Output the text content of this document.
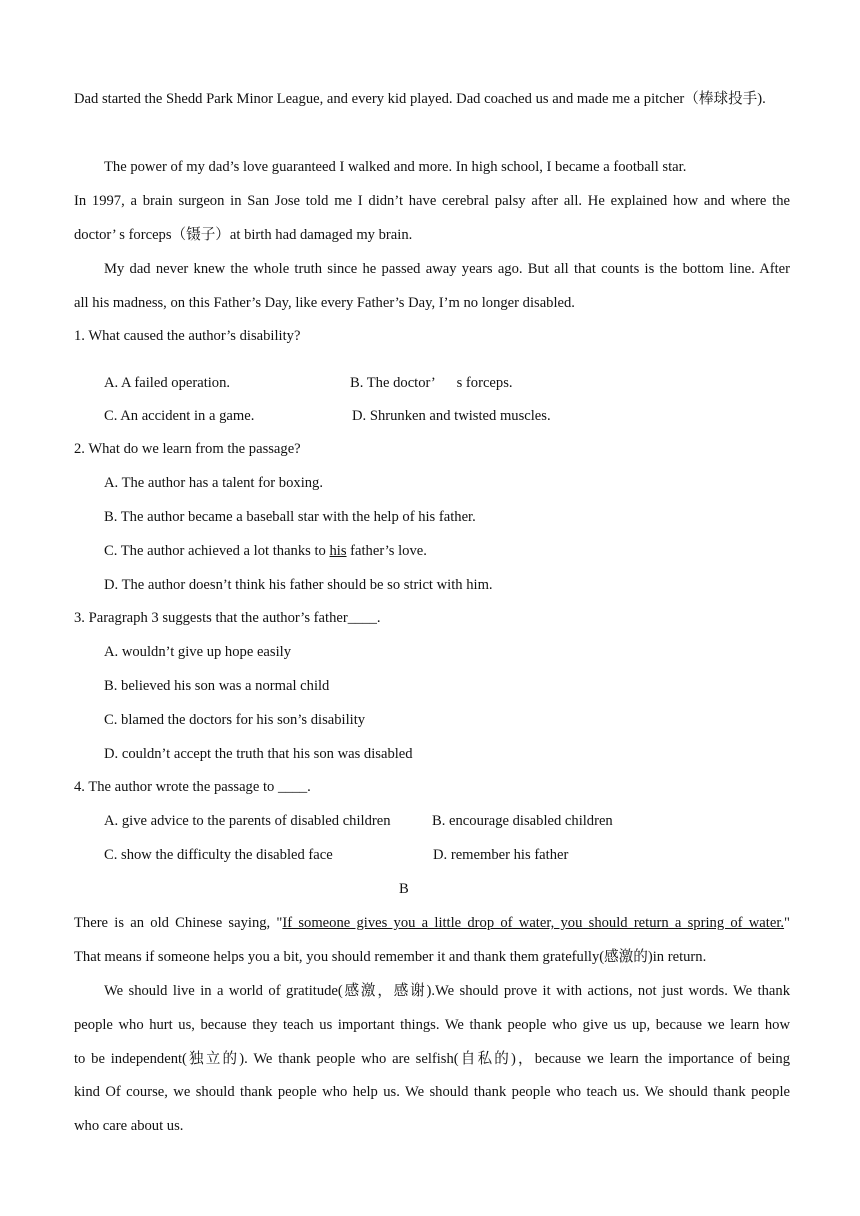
Dad started the Shedd Park Minor League, and every kid played. Dad coached us and made me a pitcher（棒球投手).
The power of my dad’s love guaranteed I walked and more. In high school, I became a football star.
In 1997, a brain surgeon in San Jose told me I didn’t have cerebral palsy after all. He explained how and where the
doctor’ s forceps（镊子）at birth had damaged my brain.
My dad never knew the whole truth since he passed away years ago. But all that counts is the bottom line. After
all his madness, on this Father’s Day, like every Father’s Day, I’m no longer disabled.
1. What caused the author’s disability?
A. A failed operation.	B. The doctor’      s forceps.
C. An accident in a game.	D. Shrunken and twisted muscles.
2. What do we learn from the passage?
A. The author has a talent for boxing.
B. The author became a baseball star with the help of his father.
C. The author achieved a lot thanks to his father’s love.
D. The author doesn’t think his father should be so strict with him.
3. Paragraph 3 suggests that the author’s father____.
A. wouldn’t give up hope easily
B. believed his son was a normal child
C. blamed the doctors for his son’s disability
D. couldn’t accept the truth that his son was disabled
4. The author wrote the passage to ____.
A. give advice to the parents of disabled children	B. encourage disabled children
C. show the difficulty the disabled face	D. remember his father
B
There is an old Chinese saying, "If someone gives you a little drop of water, you should return a spring of water."
That means if someone helps you a bit, you should remember it and thank them gratefully(感激的)in return.
We should live in a world of gratitude(感激，感谢).We should prove it with actions, not just words. We thank
people who hurt us, because they teach us important things. We thank people who give us up, because we learn how
to be independent(独立的). We thank people who are selfish(自私的)，because we learn the importance of being
kind Of course, we should thank people who help us. We should thank people who teach us. We should thank people
who care about us.
